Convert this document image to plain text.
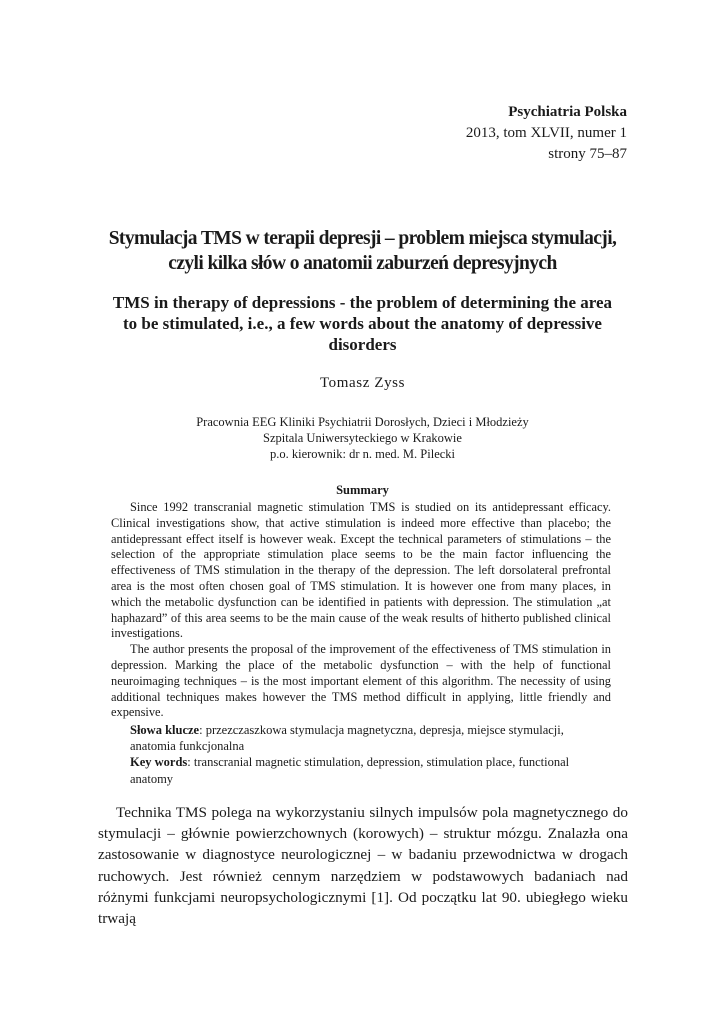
Psychiatria Polska
2013, tom XLVII, numer 1
strony 75–87
Stymulacja TMS w terapii depresji – problem miejsca stymulacji,
czyli kilka słów o anatomii zaburzeń depresyjnych
TMS in therapy of depressions - the problem of determining the area
to be stimulated, i.e., a few words about the anatomy of depressive
disorders
Tomasz Zyss
Pracownia EEG Kliniki Psychiatrii Dorosłych, Dzieci i Młodzieży
Szpitala Uniwersyteckiego w Krakowie
p.o. kierownik: dr n. med. M. Pilecki
Summary

Since 1992 transcranial magnetic stimulation TMS is studied on its antidepressant efficacy. Clinical investigations show, that active stimulation is indeed more effective than placebo; the antidepressant effect itself is however weak. Except the technical parameters of stimulations – the selection of the appropriate stimulation place seems to be the main factor influencing the effectiveness of TMS stimulation in the therapy of the depression. The left dorsolateral prefrontal area is the most often chosen goal of TMS stimulation. It is however one from many places, in which the metabolic dysfunction can be identified in patients with depression. The stimulation „at haphazard” of this area seems to be the main cause of the weak results of hitherto published clinical investigations.

The author presents the proposal of the improvement of the effectiveness of TMS stimulation in depression. Marking the place of the metabolic dysfunction – with the help of functional neuroimaging techniques – is the most important element of this algorithm. The necessity of using additional techniques makes however the TMS method difficult in applying, little friendly and expensive.

Słowa klucze: przezczaszkowa stymulacja magnetyczna, depresja, miejsce stymulacji, anatomia funkcjonalna

Key words: transcranial magnetic stimulation, depression, stimulation place, functional anatomy

Technika TMS polega na wykorzystaniu silnych impulsów pola magnetycznego do stymulacji – głównie powierzchownych (korowych) – struktur mózgu. Znalazła ona zastosowanie w diagnostyce neurologicznej – w badaniu przewodnictwa w drogach ruchowych. Jest również cennym narzędziem w podstawowych badaniach nad różnymi funkcjami neuropsychologicznymi [1]. Od początku lat 90. ubiegłego wieku trwają
